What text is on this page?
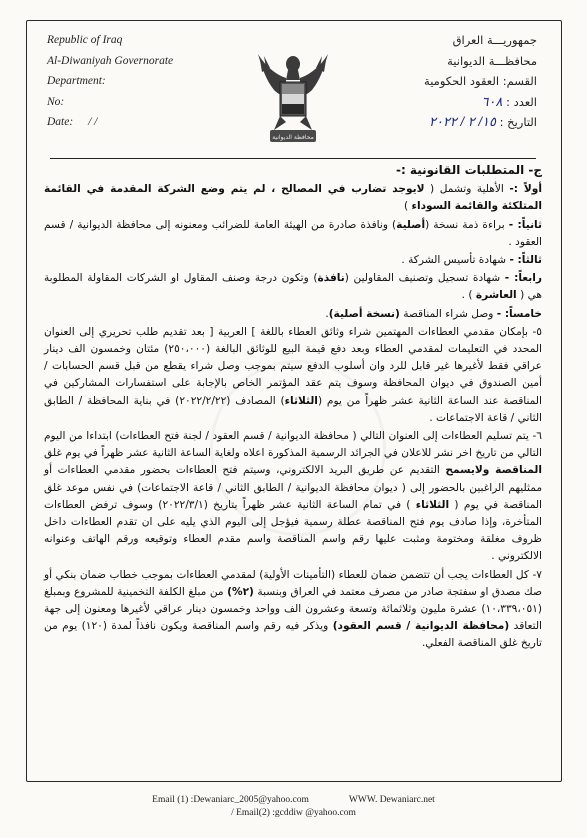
Republic of Iraq
Al-Diwaniyah Governorate
Department:
No:
Date: / /
محافظة الديوانية
جمهوريـــة العراق
محافظـــة الديوانية
القسم: العقود الحكومية
العدد : ٦٠٨
التاريخ : ١٥/ ٢ / ٢٠٢٢

ج- المتطلبات القانونية :-

أولاً :- الأهلية وتشمل ( لايوجد تضارب في المصالح ، لم يتم وضع الشركة المقدمة في القائمة المتلكئة والقائمة السوداء )

ثانياً: - براءة ذمة نسخة (أصلية) ونافذة صادرة من الهيئة العامة للضرائب ومعنونه إلى محافظة الديوانية / قسم العقود .

ثالثاً: - شهادة تأسيس الشركة .

رابعاً: - شهادة تسجيل وتصنيف المقاولين (نافذة) وتكون درجة وصنف المقاول او الشركات المقاولة المطلوبة هي ( العاشرة ) .

خامساً: - وصل شراء المناقصة (نسخة أصلية).

٥- بإمكان مقدمي العطاءات المهتمين شراء وثائق العطاء باللغة ] العربية [ بعد تقديم طلب تحريري إلى العنوان المحدد في التعليمات لمقدمي العطاء وبعد دفع قيمة البيع للوثائق البالغة (٢٥٠،٠٠٠) مئتان وخمسون الف دينار عراقي فقط لأغيرها غير قابل للرد وان أسلوب الدفع سيتم بموجب وصل شراء يقطع من قبل قسم الحسابات / أمين الصندوق في ديوان المحافظة وسوف يتم عقد المؤتمر الخاص بالإجابة على استفسارات المشاركين في المناقصة عند الساعة الثانية عشر ظهراً من يوم (الثلاثاء) المصادف (٢٠٢٢/٢/٢٢) في بناية المحافظة / الطابق الثاني / قاعة الاجتماعات .

٦- يتم تسليم العطاءات إلى العنوان التالي ( محافظة الديوانية / قسم العقود / لجنة فتح العطاءات) ابتداءا من اليوم التالي من تاريخ اخر نشر للاعلان في الجرائد الرسمية المذكورة اعلاه ولغاية الساعة الثانية عشر ظهراً في يوم غلق المناقصة ولايسمح التقديم عن طريق البريد الالكتروني، وسيتم فتح العطاءات بحضور مقدمي العطاءات أو ممثليهم الراغبين بالحضور إلى ( ديوان محافظة الديوانية / الطابق الثاني / قاعة الاجتماعات) في نفس موعد غلق المناقصة في يوم ( الثلاثاء ) في تمام الساعة الثانية عشر ظهراً بتاريخ (٢٠٢٢/٣/١) وسوف ترفض العطاءات المتأخرة، وإذا صادف يوم فتح المناقصة عطلة رسمية فيؤجل إلى اليوم الذي يليه على ان تقدم العطاءات داخل ظروف مغلقة ومختومة ومثبت عليها رقم واسم المناقصة واسم مقدم العطاء وتوقيعه ورقم الهاتف وعنوانه الالكتروني .

٧- كل العطاءات يجب أن تتضمن ضمان للعطاء (التأمينات الأولية) لمقدمي العطاءات بموجب خطاب ضمان بنكي أو صك مصدق او سفتجة صادر من مصرف معتمد في العراق وبنسبة (٢%) من مبلغ الكلفة التخمينية للمشروع وبمبلغ (١٠،٣٣٩،٠٥١) عشرة مليون وثلاثمائة وتسعة وعشرون الف وواحد وخمسون دينار عراقي لأغيرها ومعنون إلى جهة التعاقد (محافظة الديوانية / قسم العقود) ويذكر فيه رقم واسم المناقصة ويكون نافذاً لمدة (١٢٠) يوم من تاريخ غلق المناقصة الفعلي.

Email (1) :Dewaniarc_2005@yahoo.com	WWW. Dewaniarc.net
/ Email(2) :gcddiw @yahoo.com
